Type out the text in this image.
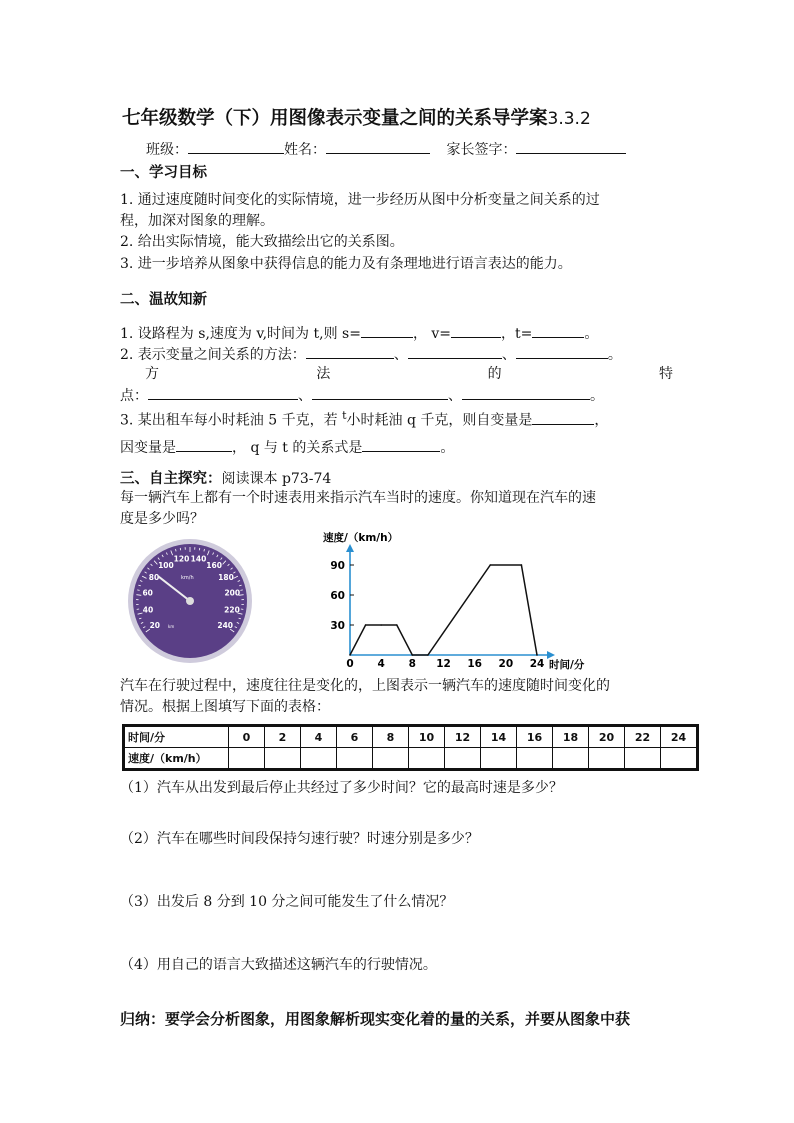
七年级数学（下）用图像表示变量之间的关系导学案3.3.2
班级：	姓名：	家长签字：
一、学习目标
1. 通过速度随时间变化的实际情境，进一步经历从图中分析变量之间关系的过
程，加深对图象的理解。
2. 给出实际情境，能大致描绘出它的关系图。
3. 进一步培养从图象中获得信息的能力及有条理地进行语言表达的能力。
二、温故知新
1. 设路程为 s,速度为 v,时间为 t,则 s=	， v=	，t=	。
2. 表示变量之间关系的方法：	、	、	。
方	法	的	特
点：	、	、	。
3. 某出租车每小时耗油 5 千克，若 $^t$小时耗油 q 千克，则自变量是	，
因变量是	， q 与 t 的关系式是	。
三、自主探究：阅读课本 p73-74
每一辆汽车上都有一个时速表用来指示汽车当时的速度。你知道现在汽车的速
度是多少吗？
20
40
60
80
100
120 140
160
180
200
220
240
km/h
km
速度/（km/h）
时间/分
0 4 8 12 16 20 24
30
60
90
汽车在行驶过程中，速度往往是变化的，上图表示一辆汽车的速度随时间变化的
情况。根据上图填写下面的表格：
时间/分	0	2	4	6	8	10	12	14	16	18	20	22	24
速度/（km/h）													
（1）汽车从出发到最后停止共经过了多少时间？它的最高时速是多少？
（2）汽车在哪些时间段保持匀速行驶？时速分别是多少？
（3）出发后 8 分到 10 分之间可能发生了什么情况？
（4）用自己的语言大致描述这辆汽车的行驶情况。
归纳：要学会分析图象，用图象解析现实变化着的量的关系，并要从图象中获
